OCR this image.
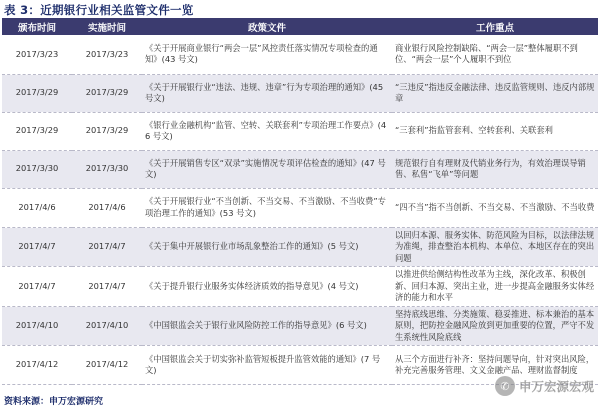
表 3：近期银行业相关监管文件一览
颁布时间	实施时间	政策文件	工作重点
2017/3/23	2017/3/23	《关于开展商业银行“两会一层”风控责任落实情况专项检查的通知》(43 号文)	商业银行风险控制缺陷、“两会一层”整体履职不到位、“两会一层”个人履职不到位
2017/3/29	2017/3/29	《关于开展银行业“违法、违规、违章”行为专项治理的通知》(45 号文)	“三违反”指违反金融法律、违反监管规则、违反内部规章
2017/3/29	2017/3/29	《银行业金融机构“监管、空转、关联套利”专项治理工作要点》(46 号文)	“三套利”指监管套利、空转套利、关联套利
2017/3/30	2017/3/30	《关于开展销售专区“双录”实施情况专项评估检查的通知》(47 号文)	规范银行自有理财及代销业务行为，有效治理误导销售、私售“飞单”等问题
2017/4/6	2017/4/6	《关于开展银行业“不当创新、不当交易、不当激励、不当收费”专项治理工作的通知》(53 号文)	“四不当”指不当创新、不当交易、不当激励、不当收费
2017/4/7	2017/4/7	《关于集中开展银行业市场乱象整治工作的通知》(5 号文)	以回归本源、服务实体、防范风险为目标，以法律法规为准绳，排查整治本机构、本单位、本地区存在的突出问题
2017/4/7	2017/4/7	《关于提升银行业服务实体经济质效的指导意见》(4 号文)	以推进供给侧结构性改革为主线，深化改革、积极创新、回归本源、突出主业，进一步提高金融服务实体经济的能力和水平
2017/4/10	2017/4/10	《中国银监会关于银行业风险防控工作的指导意见》(6 号文)	坚持底线思维、分类施策、稳妥推进、标本兼治的基本原则，把防控金融风险放到更加重要的位置，严守不发生系统性风险底线
2017/4/12	2017/4/12	《中国银监会关于切实弥补监管短板提升监管效能的通知》(7 号文)	从三个方面进行补齐：坚持问题导向，针对突出风险，补充完善服务管理、文义金融产品、理财监督制度
✆ 申万宏源宏观
资料来源：申万宏源研究
